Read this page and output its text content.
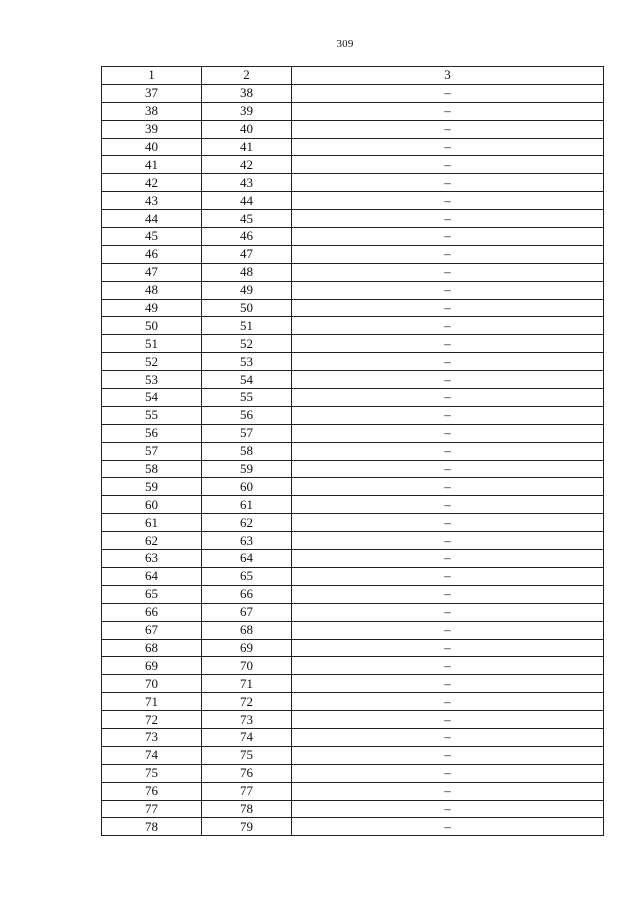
309
1	2	3
37	38	–
38	39	–
39	40	–
40	41	–
41	42	–
42	43	–
43	44	–
44	45	–
45	46	–
46	47	–
47	48	–
48	49	–
49	50	–
50	51	–
51	52	–
52	53	–
53	54	–
54	55	–
55	56	–
56	57	–
57	58	–
58	59	–
59	60	–
60	61	–
61	62	–
62	63	–
63	64	–
64	65	–
65	66	–
66	67	–
67	68	–
68	69	–
69	70	–
70	71	–
71	72	–
72	73	–
73	74	–
74	75	–
75	76	–
76	77	–
77	78	–
78	79	–
